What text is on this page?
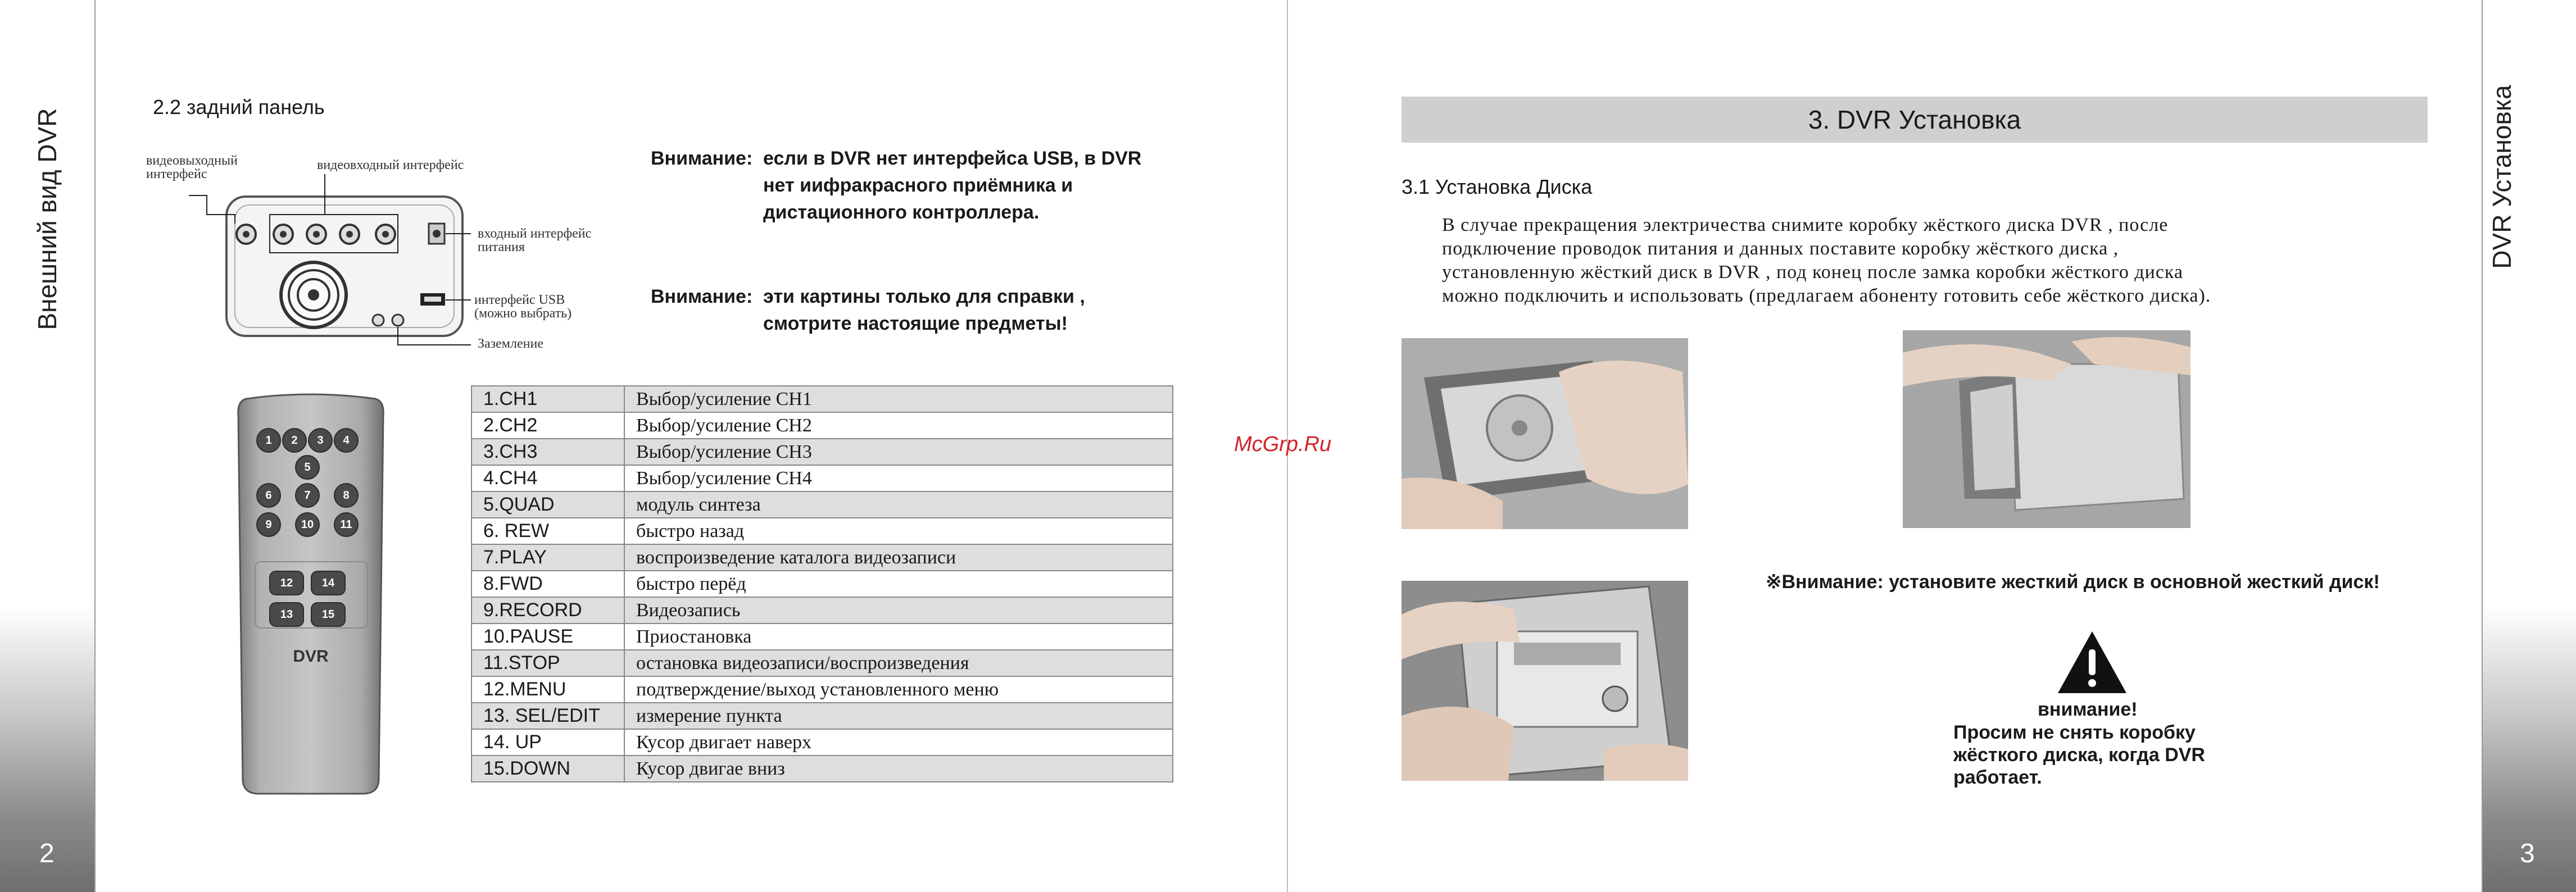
Внешний вид DVR
2
DVR Установка
3
2.2 задний панель
видеовыходный
интерфейс
видеовходный интерфейс
входный интерфейс
питания
интерфейс USB
(можно выбрать)
Заземление
Внимание: если в DVR нет интерфейса USB, в DVR
нет иифракрасного приёмника и
дистационного контроллера.
Внимание: эти картины только для справки ,
смотрите настоящие предметы!
1	2	3	4
5
6	7	8
9	10	11
12	14
13	15
DVR
1.CH1	Выбор/усиление CH1
2.CH2	Выбор/усиление CH2
3.CH3	Выбор/усиление CH3
4.CH4	Выбор/усиление CH4
5.QUAD	модуль синтеза
6. REW	быстро назад
7.PLAY	воспроизведение каталога видеозаписи
8.FWD	быстро перёд
9.RECORD	Видеозапись
10.PAUSE	Приостановка
11.STOP	остановка видеозаписи/воспроизведения
12.MENU	подтверждение/выход установленного меню
13. SEL/EDIT	измерение пункта
14. UP	Кусор двигает наверх
15.DOWN	Кусор двигае вниз
McGrp.Ru
3. DVR Установка
3.1 Установка Диска
В случае прекращения электричества снимите коробку жёсткого диска DVR , после
подключение проводок питания и данных поставите коробку жёсткого диска ,
установленную жёсткий диск в DVR , под конец после замка коробки жёсткого диска
можно подключить и использовать (предлагаем абоненту готовить себе жёсткого диска).
※Внимание: установите жесткий диск в основной жесткий диск!
внимание!
Просим не снять коробку
жёсткого диска, когда DVR
работает.
